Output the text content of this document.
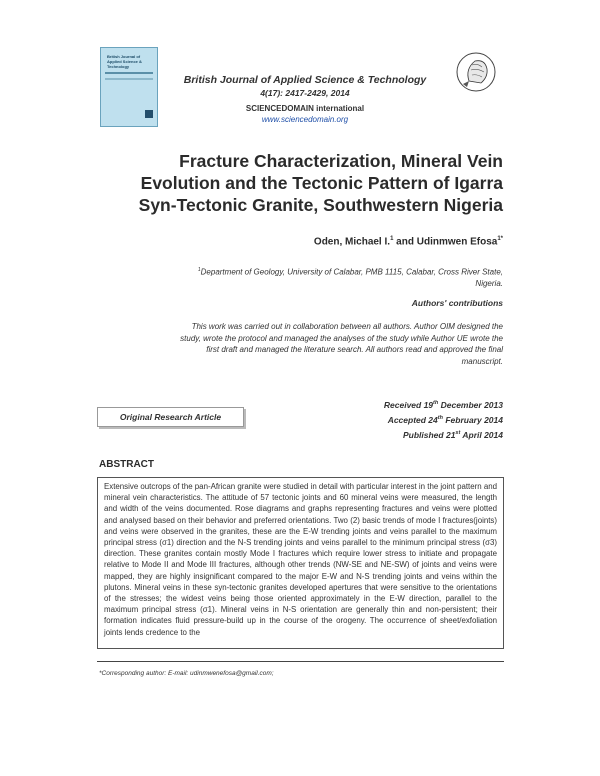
British Journal of Applied Science & Technology
British Journal of Applied Science & Technology
4(17): 2417-2429, 2014
SCIENCEDOMAIN international
www.sciencedomain.org
Fracture Characterization, Mineral Vein
Evolution and the Tectonic Pattern of Igarra
Syn-Tectonic Granite, Southwestern Nigeria
Oden, Michael I.$^1$ and Udinmwen Efosa$^{1*}$
$^1$Department of Geology, University of Calabar, PMB 1115, Calabar, Cross River State,
Nigeria.
Authors' contributions
This work was carried out in collaboration between all authors. Author OIM designed the
study, wrote the protocol and managed the analyses of the study while Author UE wrote the
first draft and managed the literature search. All authors read and approved the final
manuscript.
Original Research Article
Received 19th December 2013
Accepted 24th February 2014
Published 21st April 2014
ABSTRACT
Extensive outcrops of the pan-African granite were studied in detail with particular interest in the joint pattern and mineral vein characteristics. The attitude of 57 tectonic joints and 60 mineral veins were measured, the length and width of the veins documented. Rose diagrams and graphs representing fractures and veins were plotted and analysed based on their behavior and preferred orientations. Two (2) basic trends of mode I fractures(joints) and veins were observed in the granites, these are the E-W trending joints and veins parallel to the maximum principal stress (σ1) direction and the N-S trending joints and veins parallel to the minimum principal stress (σ3) direction. These granites contain mostly Mode I fractures which require lower stress to initiate and propagate relative to Mode II and Mode III fractures, although other trends (NW-SE and NE-SW) of joints and veins were mapped, they are highly insignificant compared to the major E-W and N-S trending joints and veins within the plutons. Mineral veins in these syn-tectonic granites developed apertures that were sensitive to the orientations of the stresses; the widest veins being those oriented approximately in the E-W direction, parallel to the maximum principal stress (σ1). Mineral veins in N-S orientation are generally thin and non-persistent; their formation indicates fluid pressure-build up in the course of the orogeny. The occurrence of sheet/exfoliation joints lends credence to the
*Corresponding author: E-mail: udinmwenefosa@gmail.com;
